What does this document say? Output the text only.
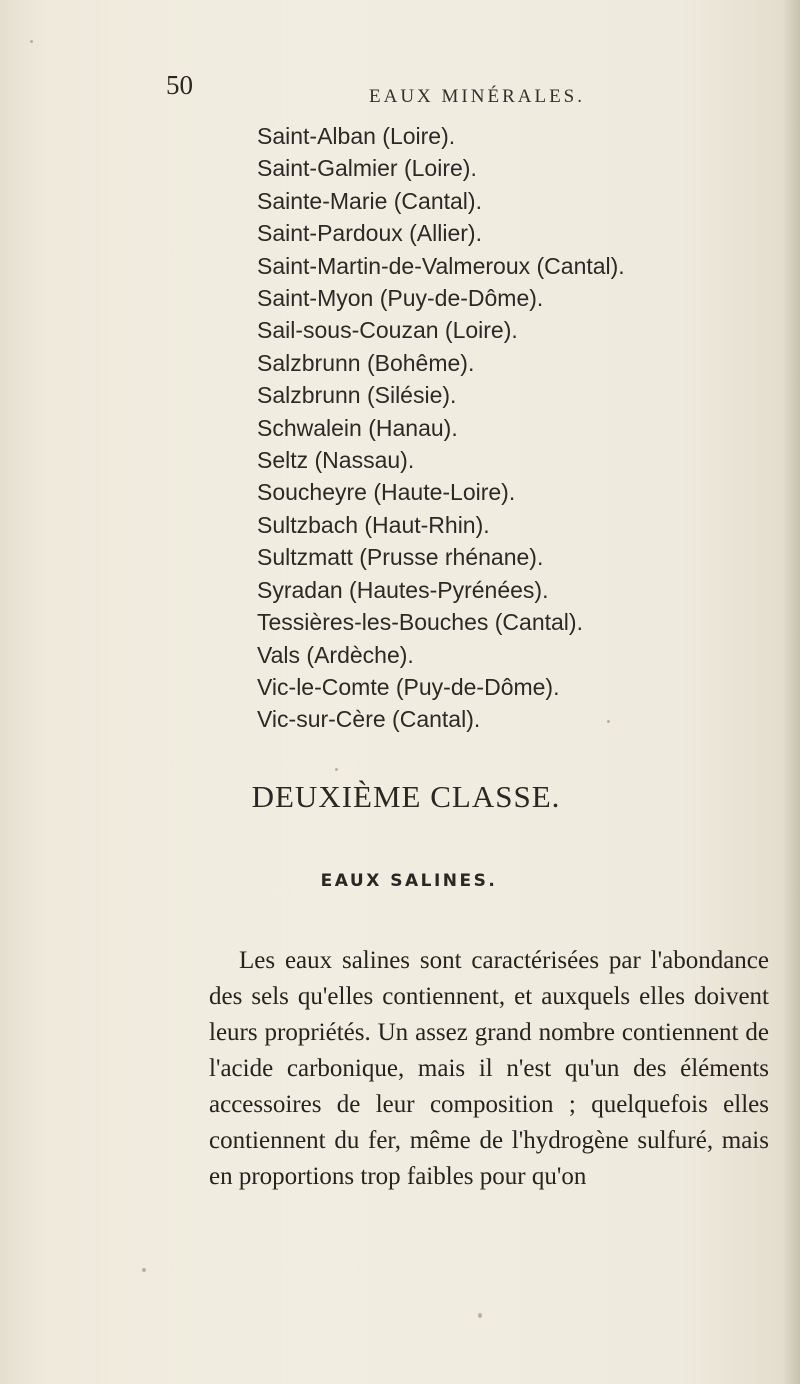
50	EAUX MINÉRALES.
Saint-Alban (Loire).
Saint-Galmier (Loire).
Sainte-Marie (Cantal).
Saint-Pardoux (Allier).
Saint-Martin-de-Valmeroux (Cantal).
Saint-Myon (Puy-de-Dôme).
Sail-sous-Couzan (Loire).
Salzbrunn (Bohême).
Salzbrunn (Silésie).
Schwalein (Hanau).
Seltz (Nassau).
Soucheyre (Haute-Loire).
Sultzbach (Haut-Rhin).
Sultzmatt (Prusse rhénane).
Syradan (Hautes-Pyrénées).
Tessières-les-Bouches (Cantal).
Vals (Ardèche).
Vic-le-Comte (Puy-de-Dôme).
Vic-sur-Cère (Cantal).
DEUXIÈME CLASSE.
EAUX SALINES.

Les eaux salines sont caractérisées par l'abondance des sels qu'elles contiennent, et auxquels elles doivent leurs propriétés. Un assez grand nombre contiennent de l'acide carbonique, mais il n'est qu'un des éléments accessoires de leur composition ; quelquefois elles contiennent du fer, même de l'hydrogène sulfuré, mais en proportions trop faibles pour qu'on
